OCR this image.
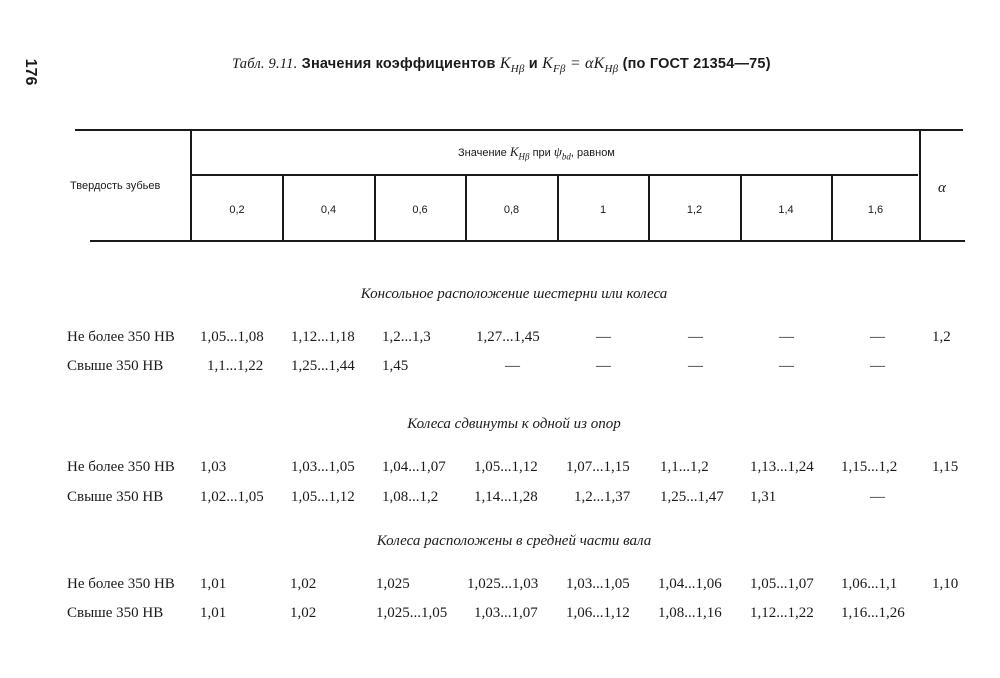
176	Табл. 9.11. Значения коэффициентов $K_{H\beta}$ и $K_{F\beta} = \alpha K_{H\beta}$ (по ГОСТ 21354—75)
Твердость зубьев
Значение $K_{H\beta}$ при $\psi_{bd}$, равном
0,2	0,4	0,6	0,8	1	1,2	1,4	1,6
α
Консольное расположение шестерни или колеса
Не более 350 HB 1,05...1,08 1,12...1,18 1,2...1,3	1,27...1,45	—	—	—	—	1,2
Свыше 350 HB	1,1...1,22 1,25...1,44 1,45	—	—	—	—	—
Колеса сдвинуты к одной из опор
Не более 350 HB 1,03	1,03...1,05 1,04...1,07 1,05...1,12 1,07...1,15 1,1...1,2	1,13...1,24 1,15...1,2 1,15
Свыше 350 HB 1,02...1,05 1,05...1,12 1,08...1,2 1,14...1,28 1,2...1,37 1,25...1,47 1,31	—
Колеса расположены в средней части вала
Не более 350 HB 1,01	1,02	1,025	1,025...1,03 1,03...1,05 1,04...1,06 1,05...1,07 1,06...1,1 1,10
Свыше 350 HB 1,01	1,02	1,025...1,05 1,03...1,07 1,06...1,12 1,08...1,16 1,12...1,22 1,16...1,26
